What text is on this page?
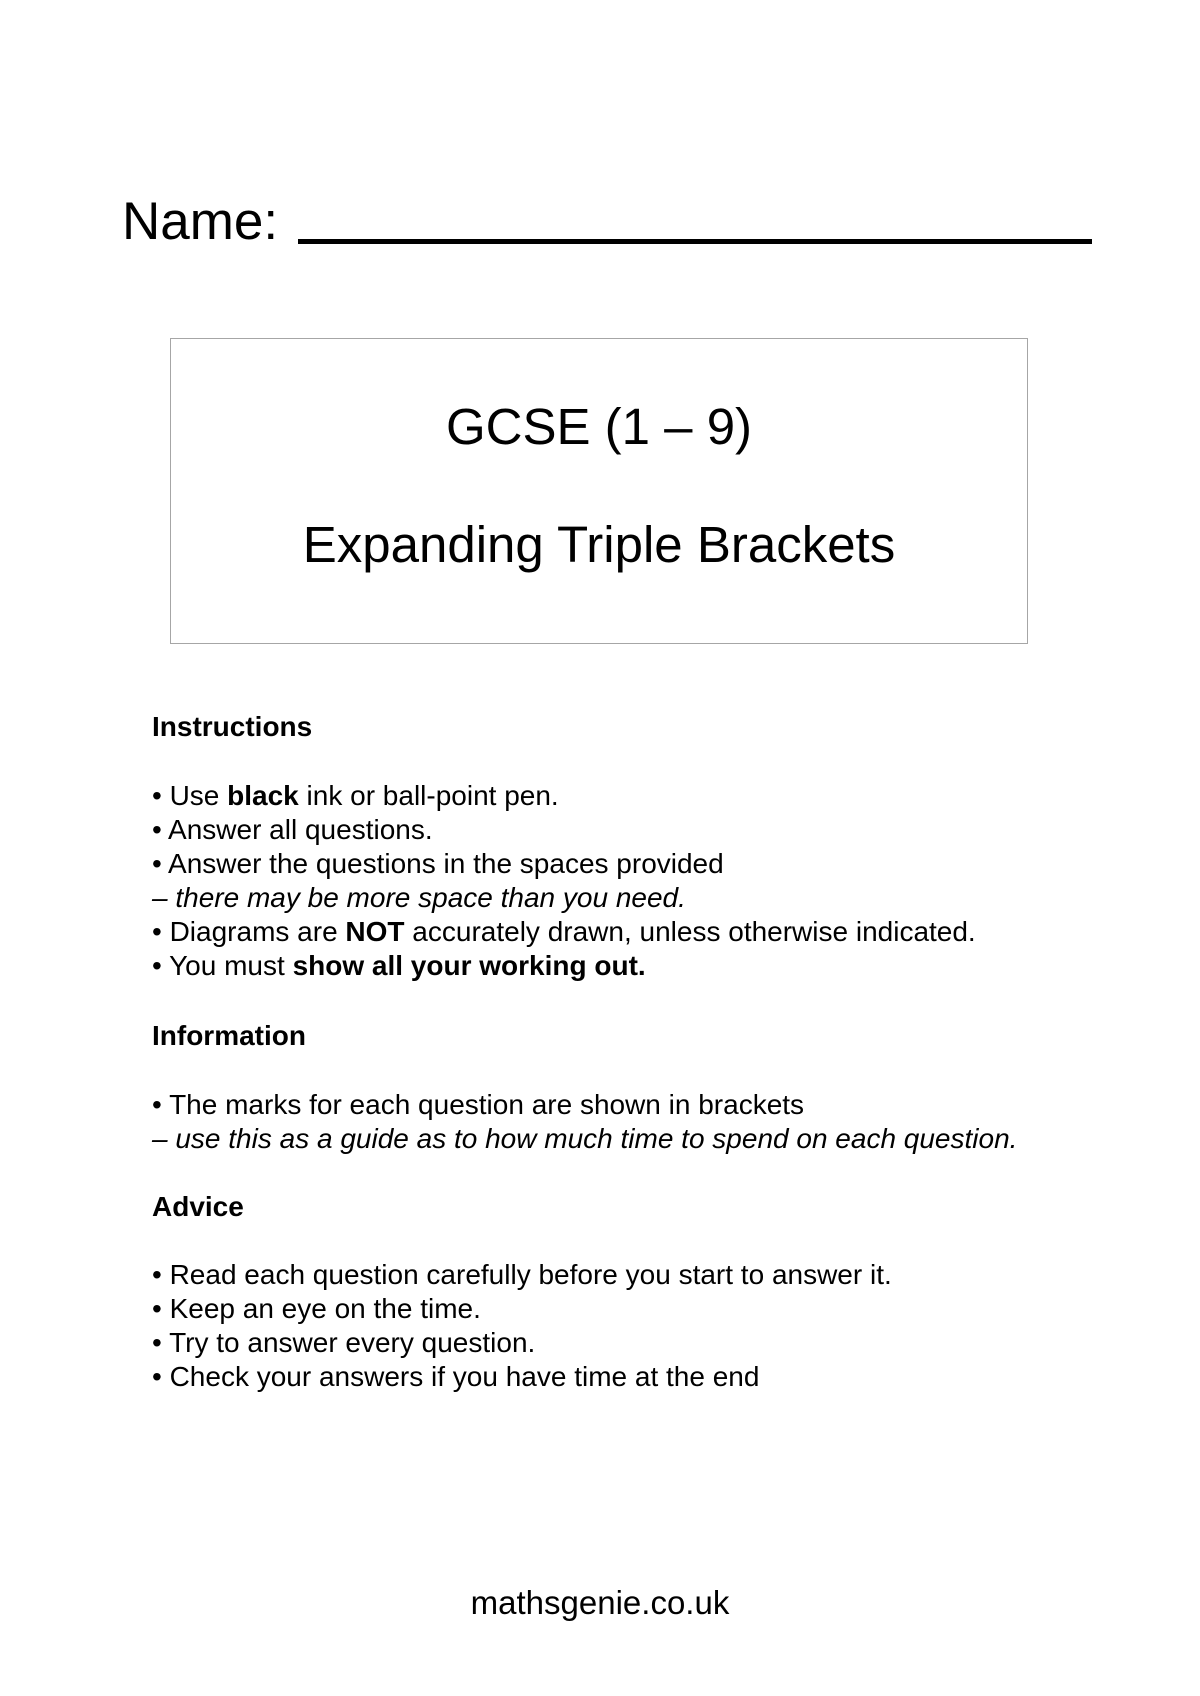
Name:
GCSE (1 – 9)
Expanding Triple Brackets
Instructions
• Use black ink or ball-point pen.
• Answer all questions.
• Answer the questions in the spaces provided
– there may be more space than you need.
• Diagrams are NOT accurately drawn, unless otherwise indicated.
• You must show all your working out.
Information
• The marks for each question are shown in brackets
– use this as a guide as to how much time to spend on each question.
Advice
• Read each question carefully before you start to answer it.
• Keep an eye on the time.
• Try to answer every question.
• Check your answers if you have time at the end
mathsgenie.co.uk
